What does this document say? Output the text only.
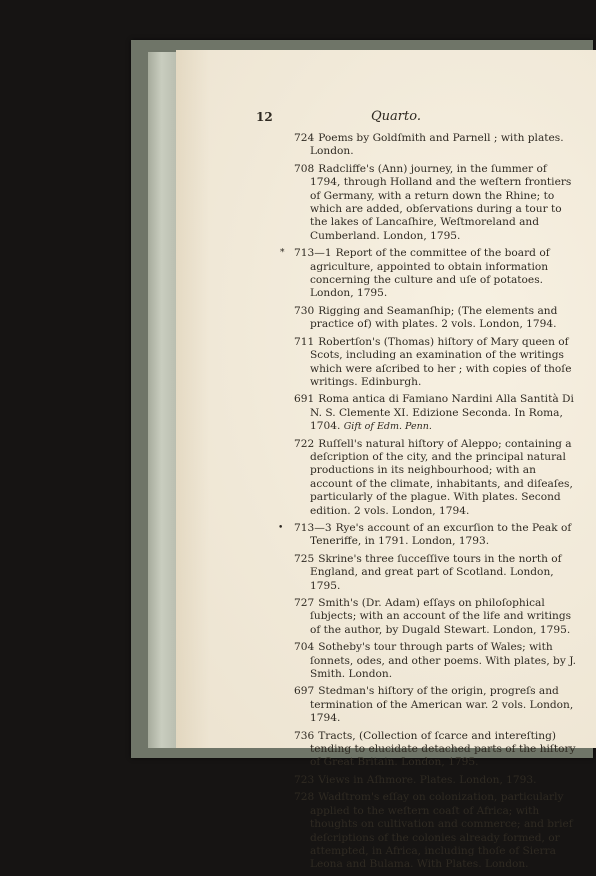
12	Quarto.
724 Poems by Goldſmith and Parnell ; with plates. London.
708 Radcliffe's (Ann) journey, in the ſummer of 1794, through Holland and the weſtern frontiers of Germany, with a return down the Rhine; to which are added, obſervations during a tour to the lakes of Lancaſhire, Weſtmoreland and Cumberland. London, 1795.
* 713—1 Report of the committee of the board of agriculture, appointed to obtain information concerning the culture and uſe of potatoes. London, 1795.
730 Rigging and Seamanſhip; (The elements and practice of) with plates. 2 vols. London, 1794.
711 Robertſon's (Thomas) hiſtory of Mary queen of Scots, including an examination of the writings which were aſcribed to her ; with copies of thoſe writings. Edinburgh.
691 Roma antica di Famiano Nardini Alla Santità Di N. S. Clemente XI. Edizione Seconda. In Roma, 1704. Gift of Edm. Penn.
722 Ruſſell's natural hiſtory of Aleppo; containing a deſcription of the city, and the principal natural productions in its neighbourhood; with an account of the climate, inhabitants, and diſeaſes, particularly of the plague. With plates. Second edition. 2 vols. London, 1794.
• 713—3 Rye's account of an excurſion to the Peak of Teneriffe, in 1791. London, 1793.
725 Skrine's three ſucceſſive tours in the north of England, and great part of Scotland. London, 1795.
727 Smith's (Dr. Adam) eſſays on philoſophical ſubjects; with an account of the life and writings of the author, by Dugald Stewart. London, 1795.
704 Sotheby's tour through parts of Wales; with ſonnets, odes, and other poems. With plates, by J. Smith. London.
697 Stedman's hiſtory of the origin, progreſs and termination of the American war. 2 vols. London, 1794.
736 Tracts, (Collection of ſcarce and intereſting) tending to elucidate detached parts of the hiſtory of Great Britain. London, 1795.
723 Views in Aſhmore. Plates. London, 1793.
728 Wadſtrom's eſſay on colonization, particularly applied to the weſtern coaſt of Africa; with thoughts on cultivation and commerce; and brief deſcriptions of the colonies already formed, or attempted, in Africa, including thoſe of Sierra Leona and Bulama. With Plates. London.
